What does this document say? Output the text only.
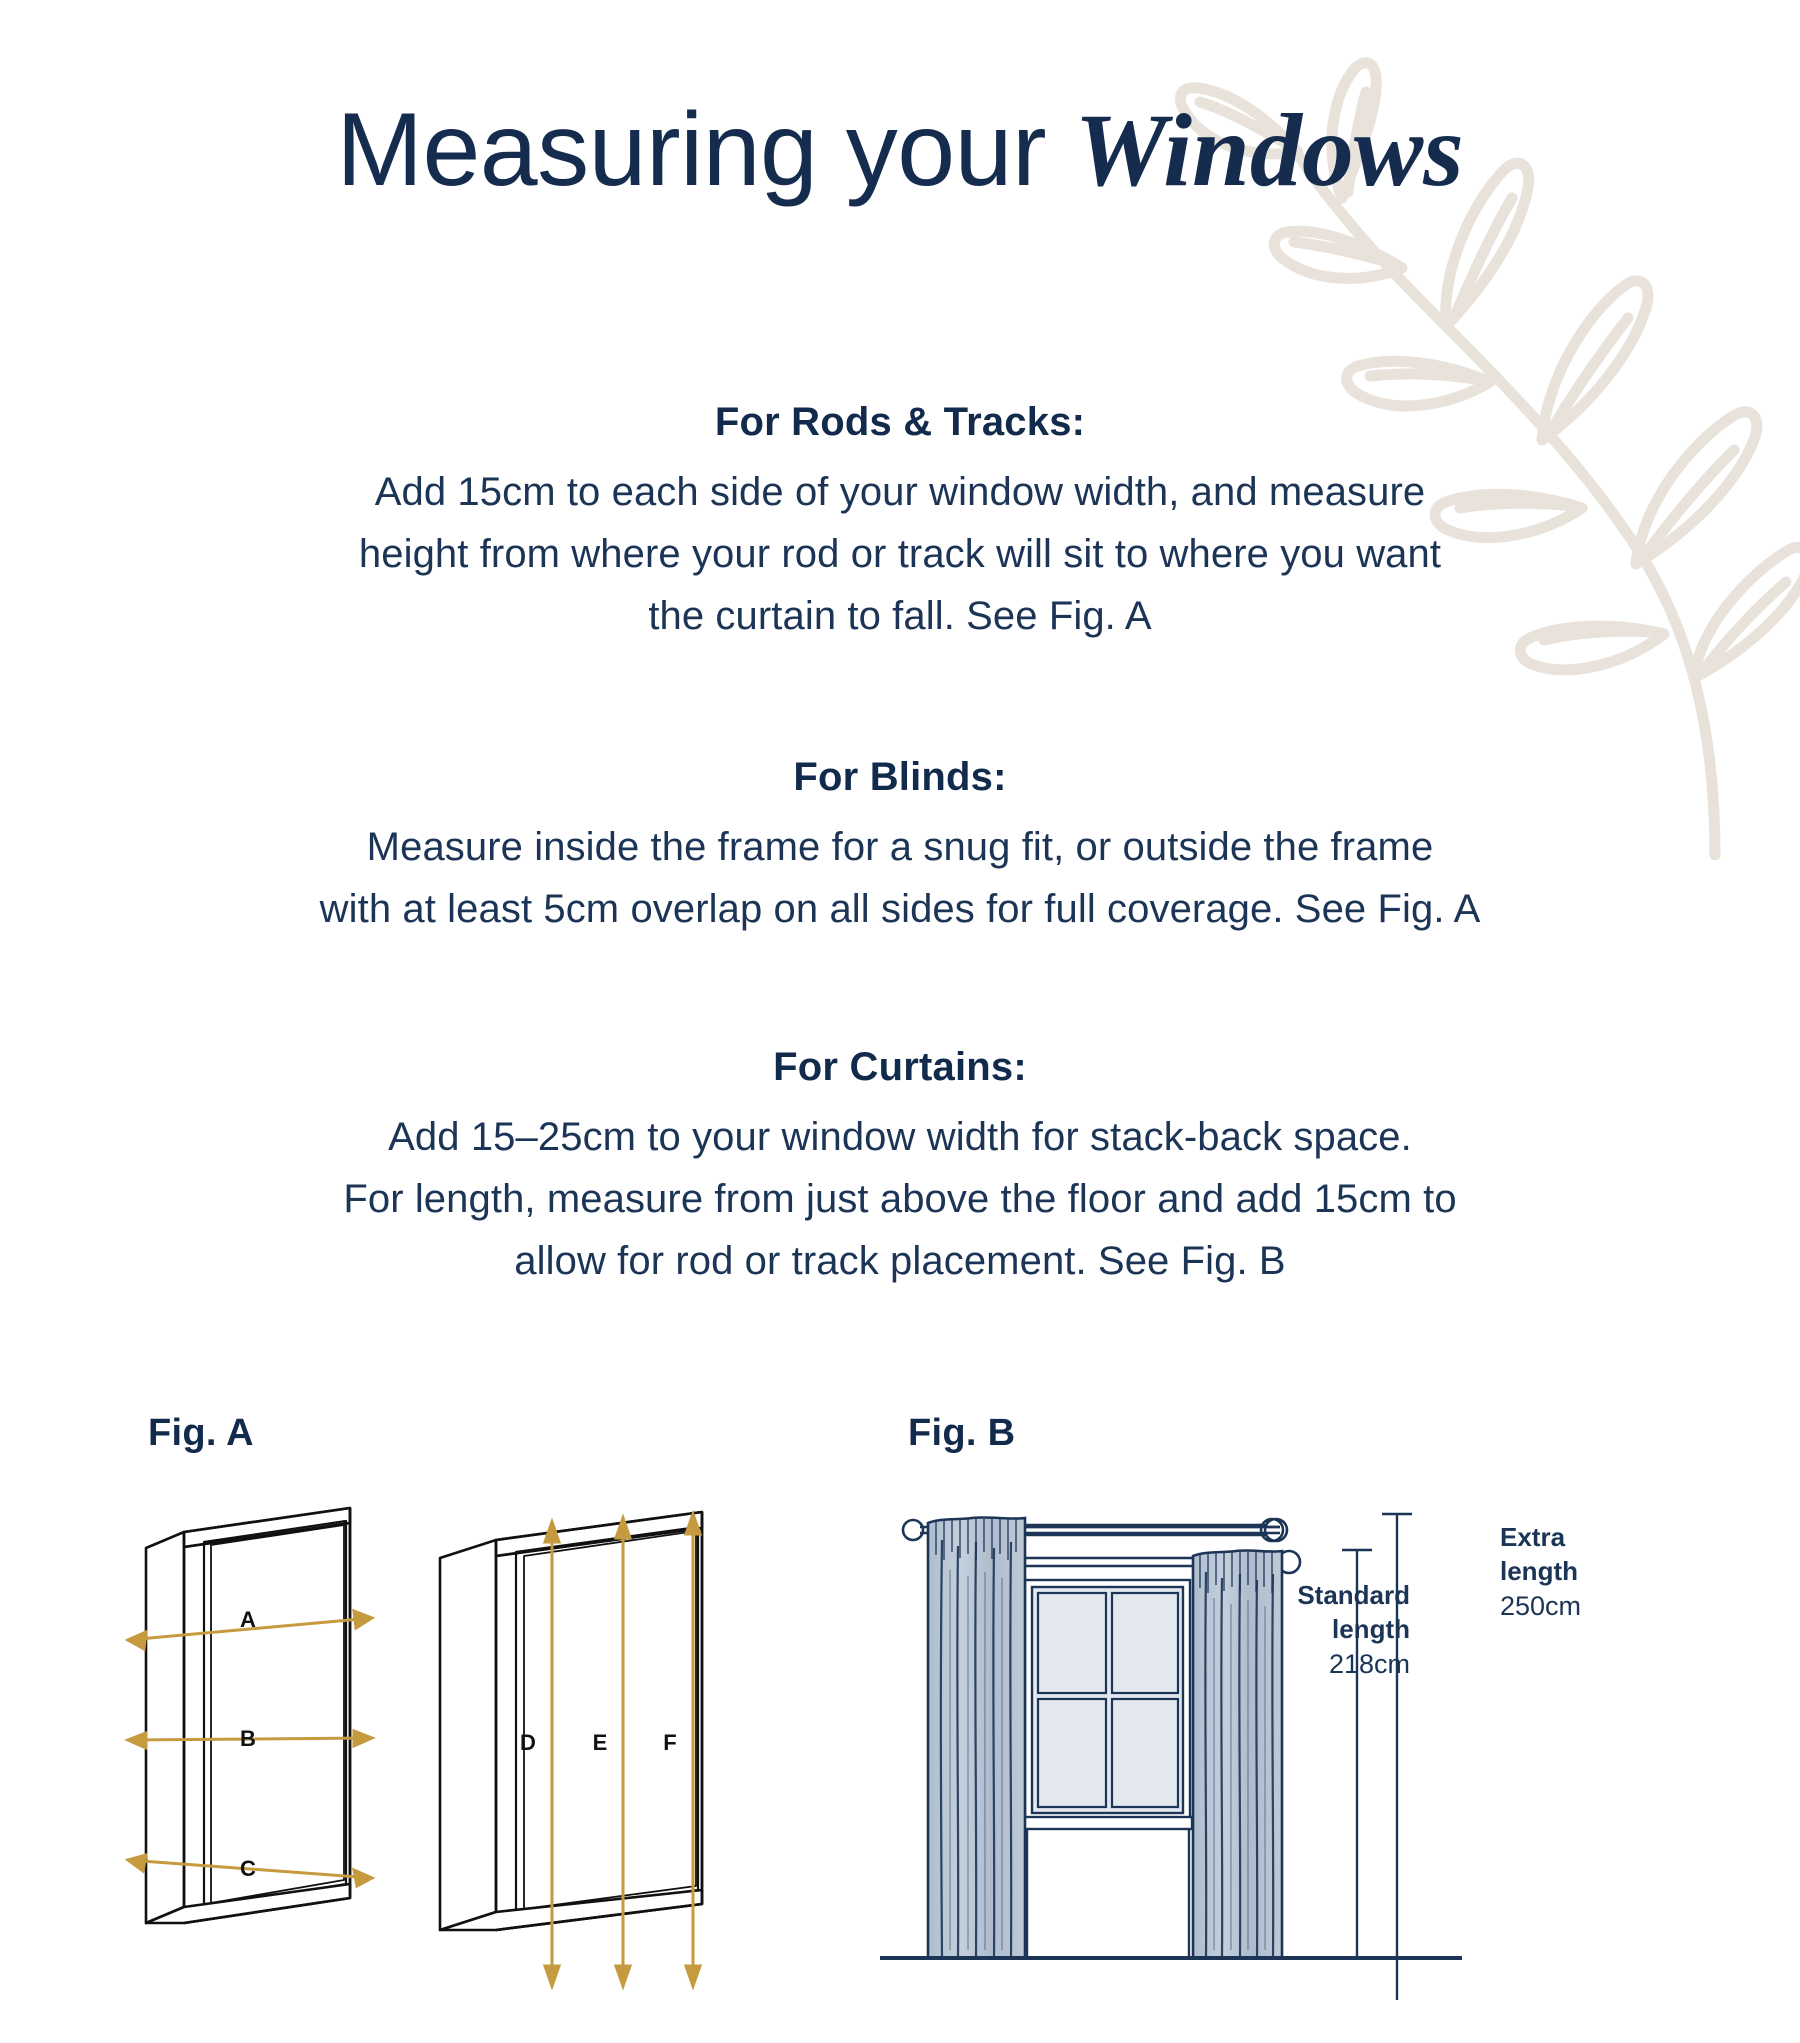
Measuring your Windows
For Rods & Tracks:
Add 15cm to each side of your window width, and measure
height from where your rod or track will sit to where you want
the curtain to fall. See Fig. A
For Blinds:
Measure inside the frame for a snug fit, or outside the frame
with at least 5cm overlap on all sides for full coverage. See Fig. A
For Curtains:
Add 15–25cm to your window width for stack-back space.
For length, measure from just above the floor and add 15cm to
allow for rod or track placement. See Fig. B
Fig. A
A
B
C
D	E	F
Fig. B
Standard
length
218cm
Extra
length
250cm
